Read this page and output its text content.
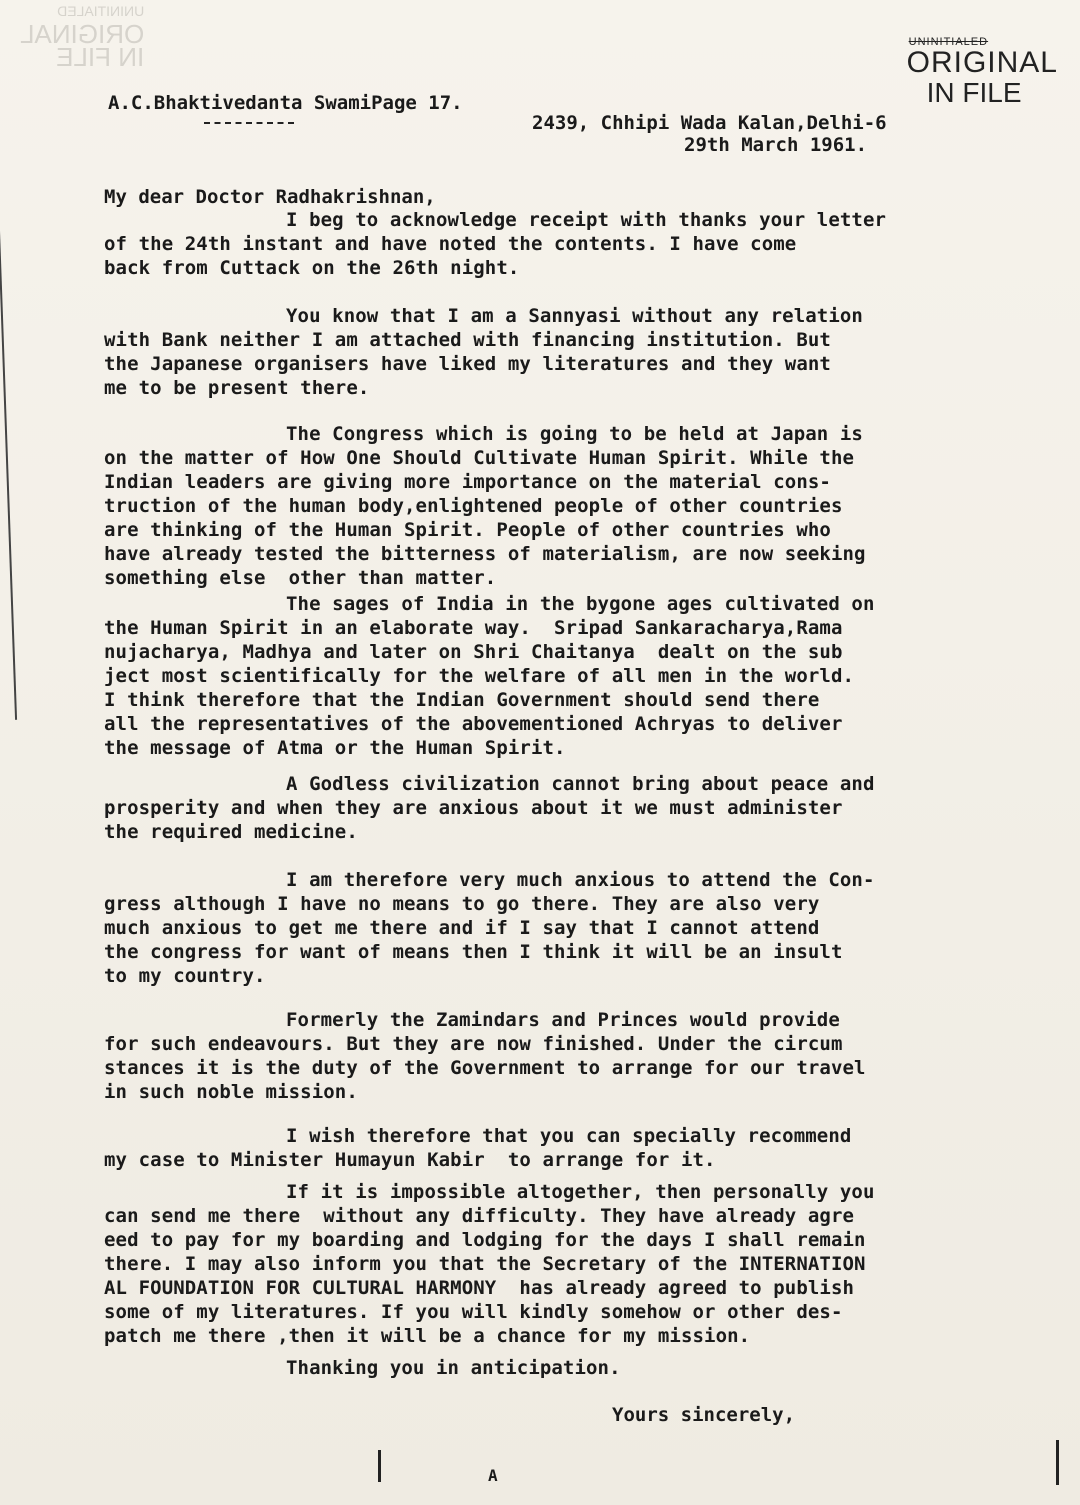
UNINITIALED
ORIGINAL
IN FILE	UNINITIALED
ORIGINAL
IN FILE
A.C.Bhaktivedanta SwamiPage 17.
2439, Chhipi Wada Kalan,Delhi-6
29th March 1961.
My dear Doctor Radhakrishnan,
I beg to acknowledge receipt with thanks your letter
of the 24th instant and have noted the contents. I have come
back from Cuttack on the 26th night.
You know that I am a Sannyasi without any relation
with Bank neither I am attached with financing institution. But
the Japanese organisers have liked my literatures and they want
me to be present there.
The Congress which is going to be held at Japan is
on the matter of How One Should Cultivate Human Spirit. While the
Indian leaders are giving more importance on the material cons-
truction of the human body,enlightened people of other countries
are thinking of the Human Spirit. People of other countries who
have already tested the bitterness of materialism, are now seeking
something else  other than matter.
The sages of India in the bygone ages cultivated on
the Human Spirit in an elaborate way.  Sripad Sankaracharya,Rama
nujacharya, Madhya and later on Shri Chaitanya  dealt on the sub
ject most scientifically for the welfare of all men in the world.
I think therefore that the Indian Government should send there
all the representatives of the abovementioned Achryas to deliver
the message of Atma or the Human Spirit.
A Godless civilization cannot bring about peace and
prosperity and when they are anxious about it we must administer
the required medicine.
I am therefore very much anxious to attend the Con-
gress although I have no means to go there. They are also very
much anxious to get me there and if I say that I cannot attend
the congress for want of means then I think it will be an insult
to my country.
Formerly the Zamindars and Princes would provide
for such endeavours. But they are now finished. Under the circum
stances it is the duty of the Government to arrange for our travel
in such noble mission.
I wish therefore that you can specially recommend
my case to Minister Humayun Kabir  to arrange for it.
If it is impossible altogether, then personally you
can send me there  without any difficulty. They have already agre
eed to pay for my boarding and lodging for the days I shall remain
there. I may also inform you that the Secretary of the INTERNATION
AL FOUNDATION FOR CULTURAL HARMONY  has already agreed to publish
some of my literatures. If you will kindly somehow or other des-
patch me there ,then it will be a chance for my mission.
Thanking you in anticipation.
Yours sincerely,
A
